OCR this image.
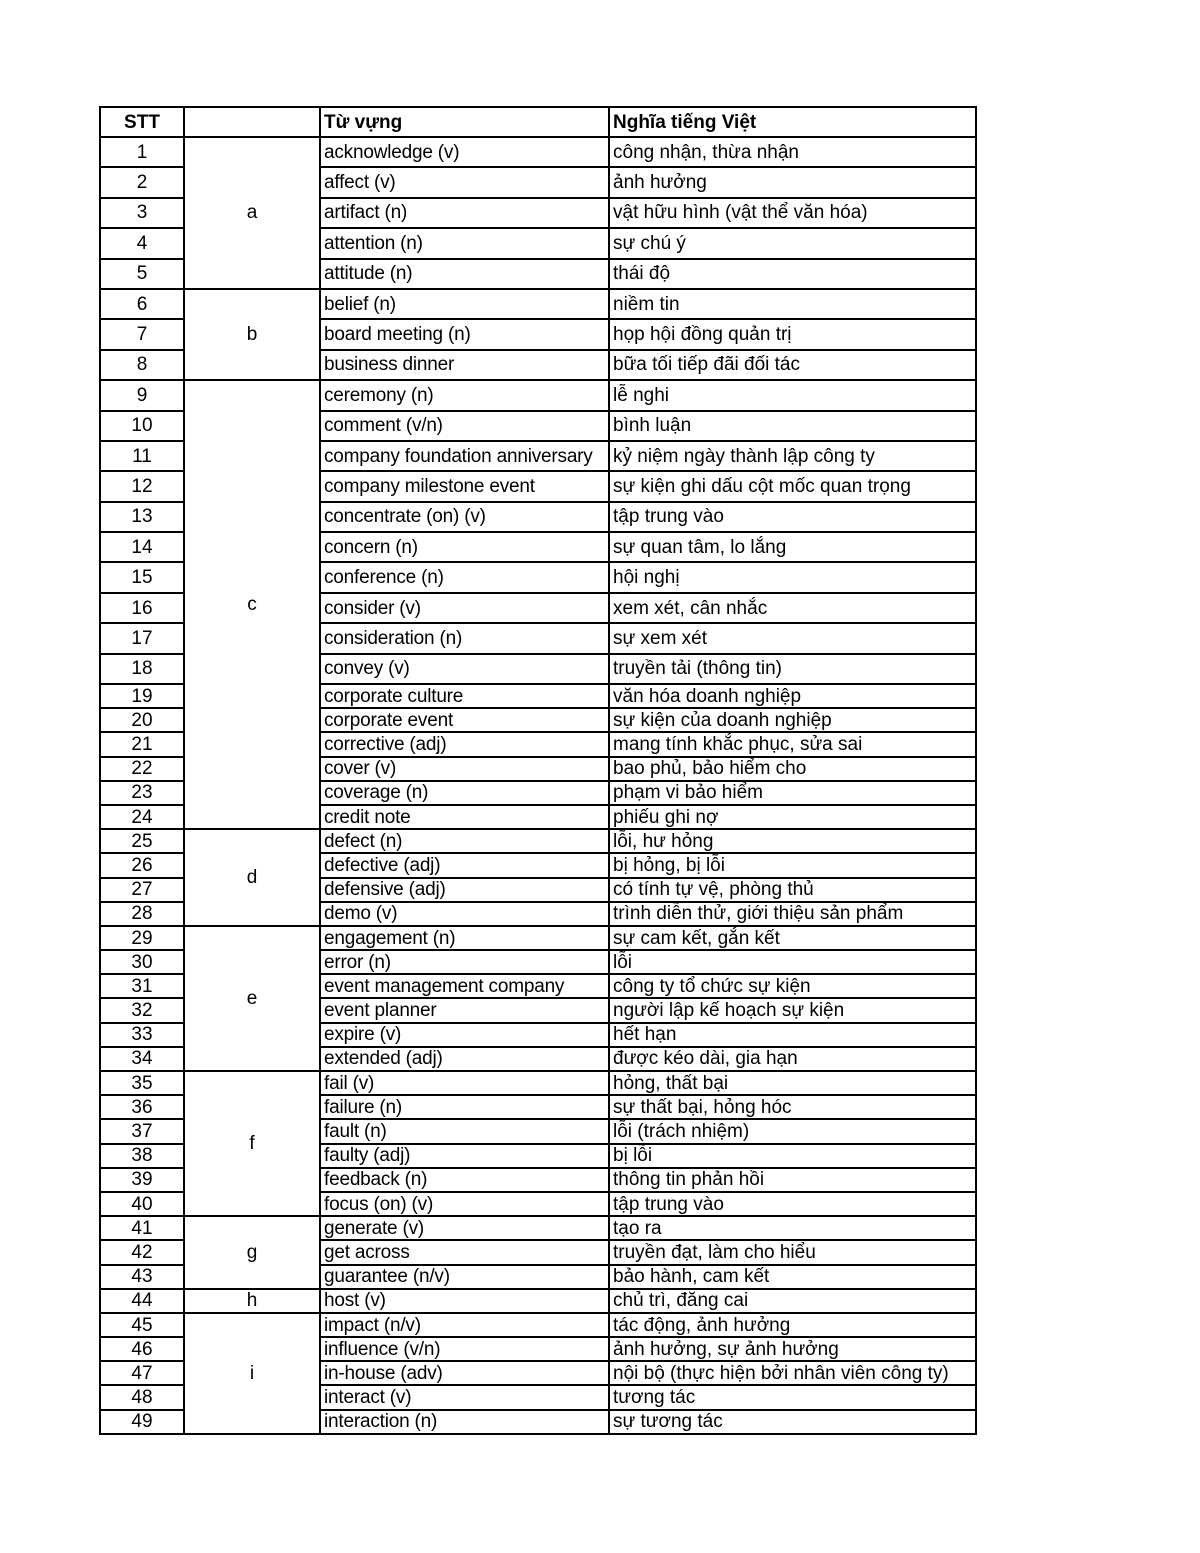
STT		Từ vựng	Nghĩa tiếng Việt
1	a	acknowledge (v)	công nhận, thừa nhận
2		affect (v)	ảnh hưởng
3		artifact (n)	vật hữu hình (vật thể văn hóa)
4		attention (n)	sự chú ý
5		attitude (n)	thái độ
6	b	belief (n)	niềm tin
7		board meeting (n)	họp hội đồng quản trị
8		business dinner	bữa tối tiếp đãi đối tác
9	c	ceremony (n)	lễ nghi
10		comment (v/n)	bình luận
11		company foundation anniversary	kỷ niệm ngày thành lập công ty
12		company milestone event	sự kiện ghi dấu cột mốc quan trọng
13		concentrate (on) (v)	tập trung vào
14		concern (n)	sự quan tâm, lo lắng
15		conference (n)	hội nghị
16		consider (v)	xem xét, cân nhắc
17		consideration (n)	sự xem xét
18		convey (v)	truyền tải (thông tin)
19		corporate culture	văn hóa doanh nghiệp
20		corporate event	sự kiện của doanh nghiệp
21		corrective (adj)	mang tính khắc phục, sửa sai
22		cover (v)	bao phủ, bảo hiểm cho
23		coverage (n)	phạm vi bảo hiểm
24		credit note	phiếu ghi nợ
25	d	defect (n)	lỗi, hư hỏng
26		defective (adj)	bị hỏng, bị lỗi
27		defensive (adj)	có tính tự vệ, phòng thủ
28		demo (v)	trình diễn thử, giới thiệu sản phẩm
29	e	engagement (n)	sự cam kết, gắn kết
30		error (n)	lỗi
31		event management company	công ty tổ chức sự kiện
32		event planner	người lập kế hoạch sự kiện
33		expire (v)	hết hạn
34		extended (adj)	được kéo dài, gia hạn
35	f	fail (v)	hỏng, thất bại
36		failure (n)	sự thất bại, hỏng hóc
37		fault (n)	lỗi (trách nhiệm)
38		faulty (adj)	bị lỗi
39		feedback (n)	thông tin phản hồi
40		focus (on) (v)	tập trung vào
41	g	generate (v)	tạo ra
42		get across	truyền đạt, làm cho hiểu
43		guarantee (n/v)	bảo hành, cam kết
44	h	host (v)	chủ trì, đăng cai
45	i	impact (n/v)	tác động, ảnh hưởng
46		influence (v/n)	ảnh hưởng, sự ảnh hưởng
47		in-house (adv)	nội bộ (thực hiện bởi nhân viên công ty)
48		interact (v)	tương tác
49		interaction (n)	sự tương tác
